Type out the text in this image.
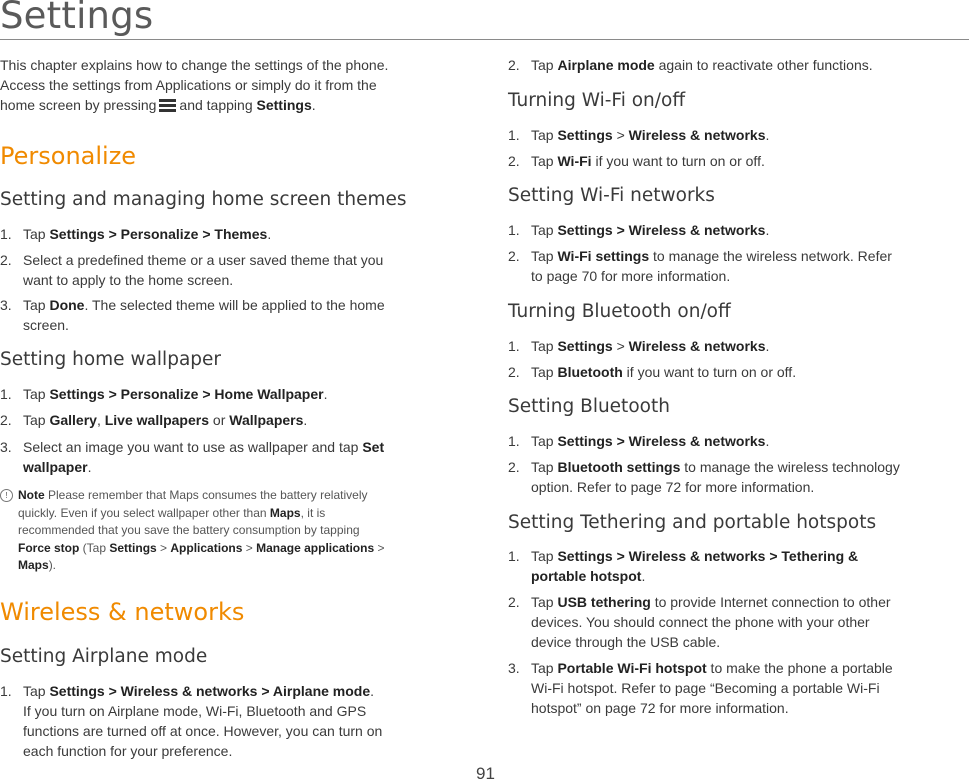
Settings

This chapter explains how to change the settings of the phone.
Access the settings from Applications or simply do it from the
home screen by pressing and tapping Settings.

Personalize
Setting and managing home screen themes
1. Tap Settings > Personalize > Themes.
2. Select a predefined theme or a user saved theme that you
want to apply to the home screen.
3. Tap Done. The selected theme will be applied to the home
screen.
Setting home wallpaper
1. Tap Settings > Personalize > Home Wallpaper.
2. Tap Gallery, Live wallpapers or Wallpapers.
3. Select an image you want to use as wallpaper and tap Set
wallpaper.
! Note Please remember that Maps consumes the battery relatively
quickly. Even if you select wallpaper other than Maps, it is
recommended that you save the battery consumption by tapping
Force stop (Tap Settings > Applications > Manage applications >
Maps).
Wireless & networks
Setting Airplane mode
1. Tap Settings > Wireless & networks > Airplane mode.
If you turn on Airplane mode, Wi-Fi, Bluetooth and GPS
functions are turned off at once. However, you can turn on
each function for your preference.
2. Tap Airplane mode again to reactivate other functions.
Turning Wi-Fi on/off
1. Tap Settings > Wireless & networks.
2. Tap Wi-Fi if you want to turn on or off.
Setting Wi-Fi networks
1. Tap Settings > Wireless & networks.
2. Tap Wi-Fi settings to manage the wireless network. Refer
to page 70 for more information.
Turning Bluetooth on/off
1. Tap Settings > Wireless & networks.
2. Tap Bluetooth if you want to turn on or off.
Setting Bluetooth
1. Tap Settings > Wireless & networks.
2. Tap Bluetooth settings to manage the wireless technology
option. Refer to page 72 for more information.
Setting Tethering and portable hotspots
1. Tap Settings > Wireless & networks > Tethering &
portable hotspot.
2. Tap USB tethering to provide Internet connection to other
devices. You should connect the phone with your other
device through the USB cable.
3. Tap Portable Wi-Fi hotspot to make the phone a portable
Wi-Fi hotspot. Refer to page “Becoming a portable Wi-Fi
hotspot” on page 72 for more information.
91
